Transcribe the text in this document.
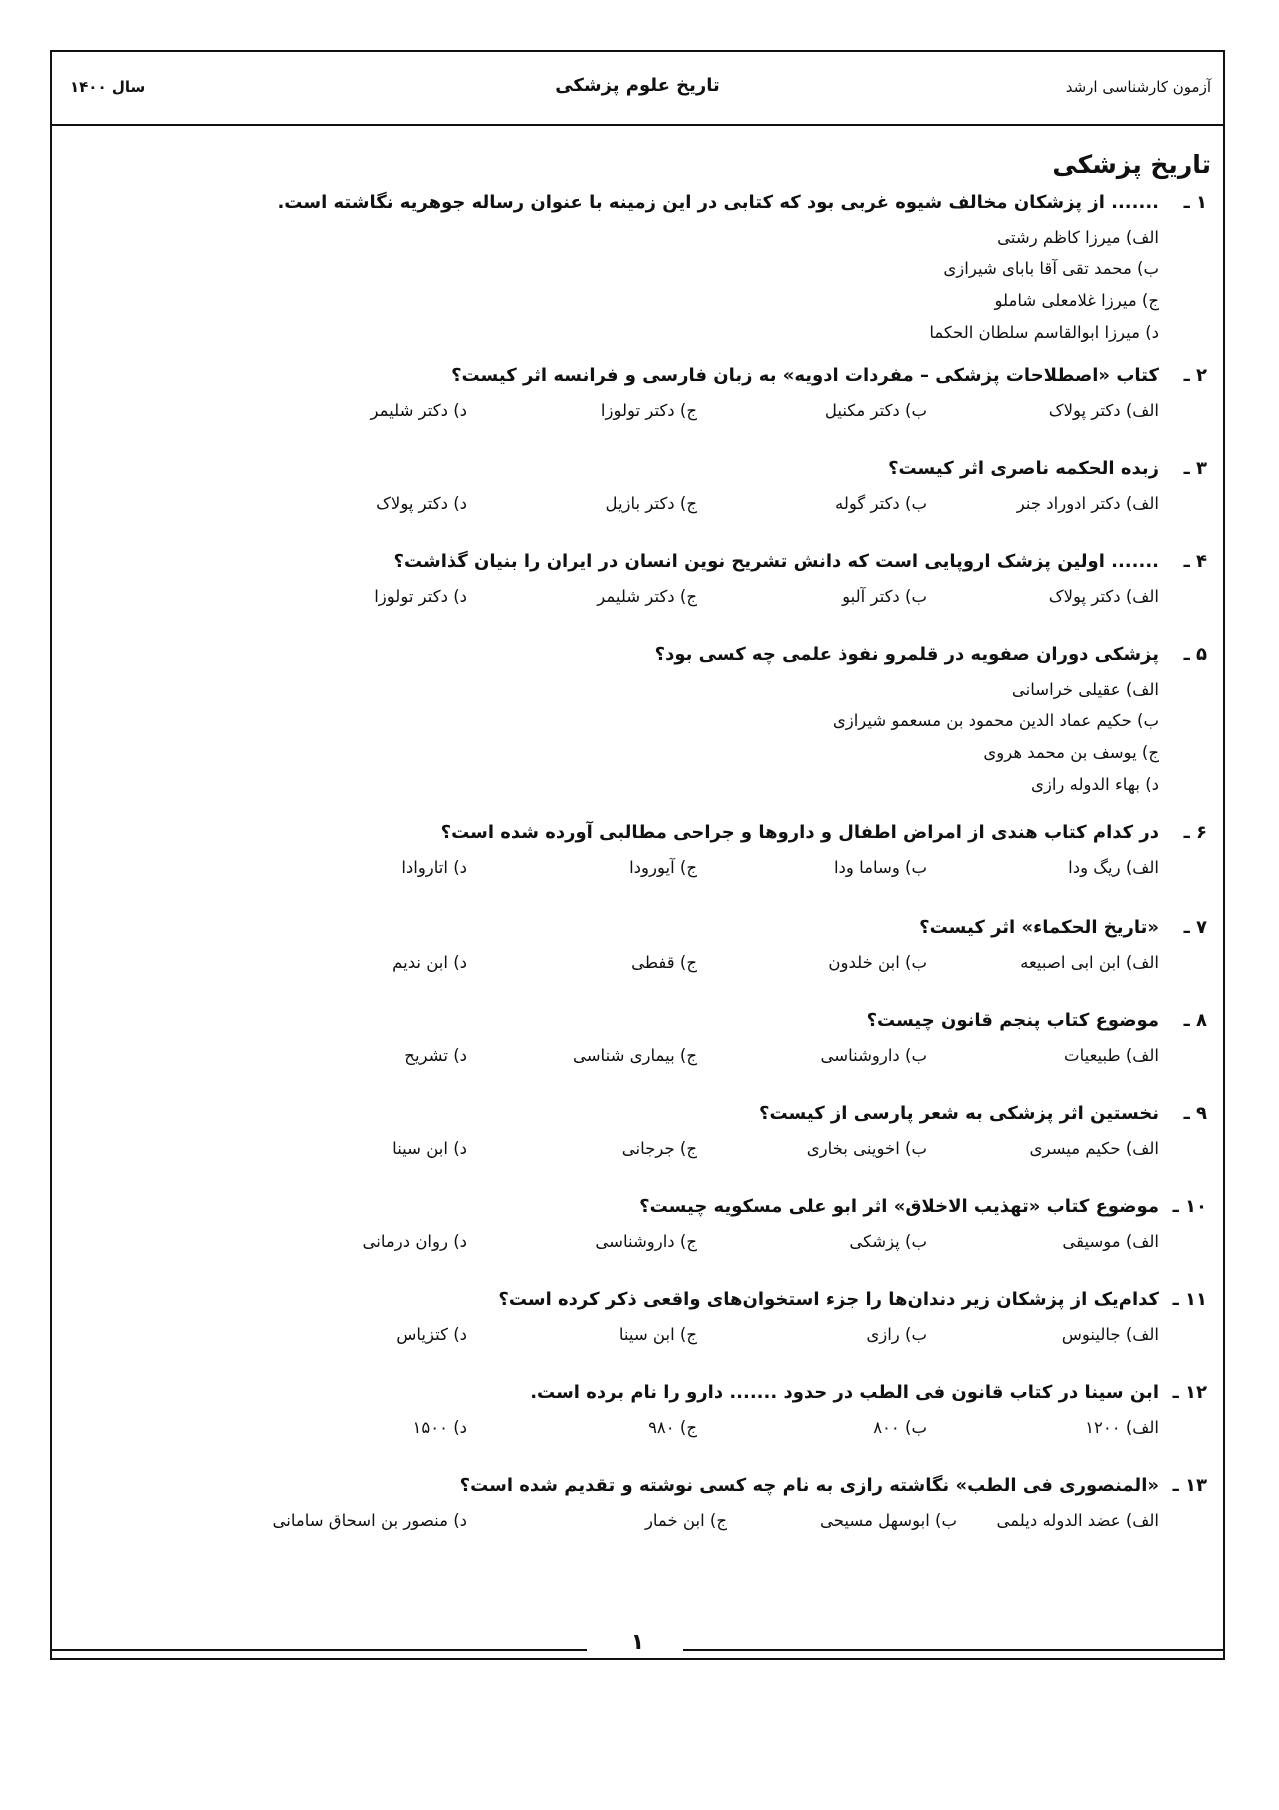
آزمون کارشناسی ارشد
تاریخ علوم پزشکی
سال ۱۴۰۰
تاریخ پزشکی
۱ ـ
....... از پزشکان مخالف شیوه غربی بود که کتابی در این زمینه با عنوان رساله جوهریه نگاشته است.
الف) میرزا کاظم رشتی
ب) محمد تقی آقا بابای شیرازی
ج) میرزا غلامعلی شاملو
د) میرزا ابوالقاسم سلطان الحکما
۲ ـ
کتاب «اصطلاحات پزشکی – مفردات ادویه» به زبان فارسی و فرانسه اثر کیست؟
الف) دکتر پولاک
ب) دکتر مکنیل
ج) دکتر تولوزا
د) دکتر شلیمر
۳ ـ
زبده الحکمه ناصری اثر کیست؟
الف) دکتر ادوراد جنر
ب) دکتر گوله
ج) دکتر بازیل
د) دکتر پولاک
۴ ـ
....... اولین پزشک اروپایی است که دانش تشریح نوین انسان در ایران را بنیان گذاشت؟
الف) دکتر پولاک
ب) دکتر آلبو
ج) دکتر شلیمر
د) دکتر تولوزا
۵ ـ
پزشکی دوران صفویه در قلمرو نفوذ علمی چه کسی بود؟
الف) عقیلی خراسانی
ب) حکیم عماد الدین محمود بن مسعمو شیرازی
ج) یوسف بن محمد هروی
د) بهاء الدوله رازی
۶ ـ
در کدام کتاب هندی از امراض اطفال و داروها و جراحی مطالبی آورده شده است؟
الف) ریگ ودا
ب) وساما ودا
ج) آیورودا
د) اتاروادا
۷ ـ
«تاریخ الحکماء» اثر کیست؟
الف) ابن ابی اصبیعه
ب) ابن خلدون
ج) قفطی
د) ابن ندیم
۸ ـ
موضوع کتاب پنجم قانون چیست؟
الف) طبیعیات
ب) داروشناسی
ج) بیماری شناسی
د) تشریح
۹ ـ
نخستین اثر پزشکی به شعر پارسی از کیست؟
الف) حکیم میسری
ب) اخوینی بخاری
ج) جرجانی
د) ابن سینا
۱۰ ـ
موضوع کتاب «تهذیب الاخلاق» اثر ابو علی مسکویه چیست؟
الف) موسیقی
ب) پزشکی
ج) داروشناسی
د) روان درمانی
۱۱ ـ
کدام‌یک از پزشکان زیر دندان‌ها را جزء استخوان‌های واقعی ذکر کرده است؟
الف) جالینوس
ب) رازی
ج) ابن سینا
د) کتزیاس
۱۲ ـ
ابن سینا در کتاب قانون فی الطب در حدود ....... دارو را نام برده است.
الف) ۱۲۰۰
ب) ۸۰۰
ج) ۹۸۰
د) ۱۵۰۰
۱۳ ـ
«المنصوری فی الطب» نگاشته رازی به نام چه کسی نوشته و تقدیم شده است؟
الف) عضد الدوله دیلمی
ب) ابوسهل مسیحی
ج) ابن خمار
د) منصور بن اسحاق سامانی
۱
